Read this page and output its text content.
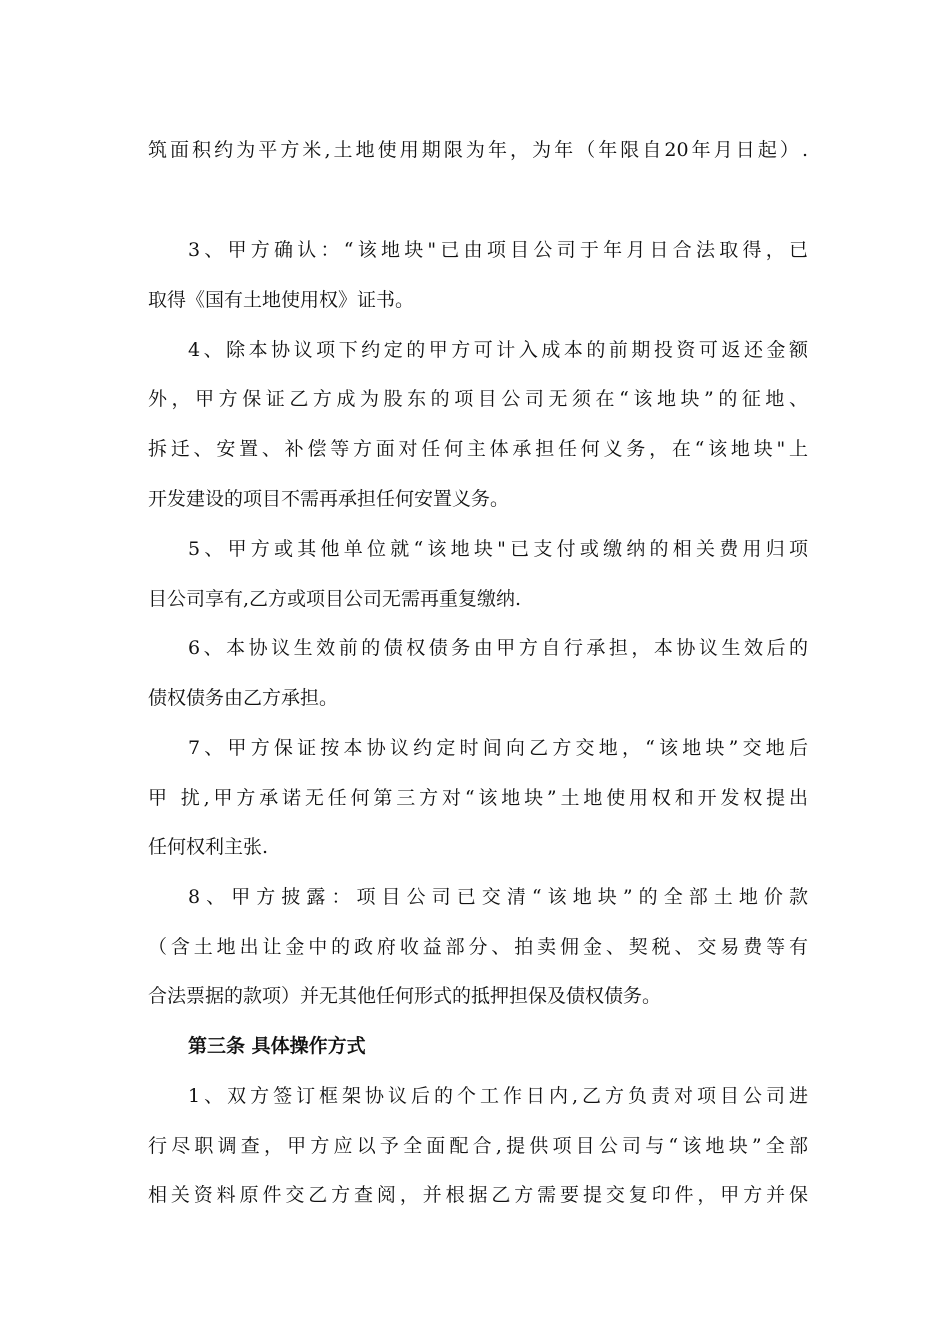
筑面积约为平方米,土地使用期限为年，为年（年限自20年月日起）.
3、甲方确认：“该地块"已由项目公司于年月日合法取得，已
取得《国有土地使用权》证书。
4、除本协议项下约定的甲方可计入成本的前期投资可返还金额
外，甲方保证乙方成为股东的项目公司无须在“该地块”的征地、
拆迁、安置、补偿等方面对任何主体承担任何义务，在“该地块"上
开发建设的项目不需再承担任何安置义务。
5、甲方或其他单位就“该地块"已支付或缴纳的相关费用归项
目公司享有,乙方或项目公司无需再重复缴纳.
6、本协议生效前的债权债务由甲方自行承担，本协议生效后的
债权债务由乙方承担。
7、甲方保证按本协议约定时间向乙方交地，“该地块”交地后
甲 扰,甲方承诺无任何第三方对“该地块”土地使用权和开发权提出
任何权利主张.
8、甲方披露：项目公司已交清“该地块”的全部土地价款
（含土地出让金中的政府收益部分、拍卖佣金、契税、交易费等有
合法票据的款项）并无其他任何形式的抵押担保及债权债务。
第三条 具体操作方式
1、双方签订框架协议后的个工作日内,乙方负责对项目公司进
行尽职调查，甲方应以予全面配合,提供项目公司与“该地块”全部
相关资料原件交乙方查阅，并根据乙方需要提交复印件，甲方并保
